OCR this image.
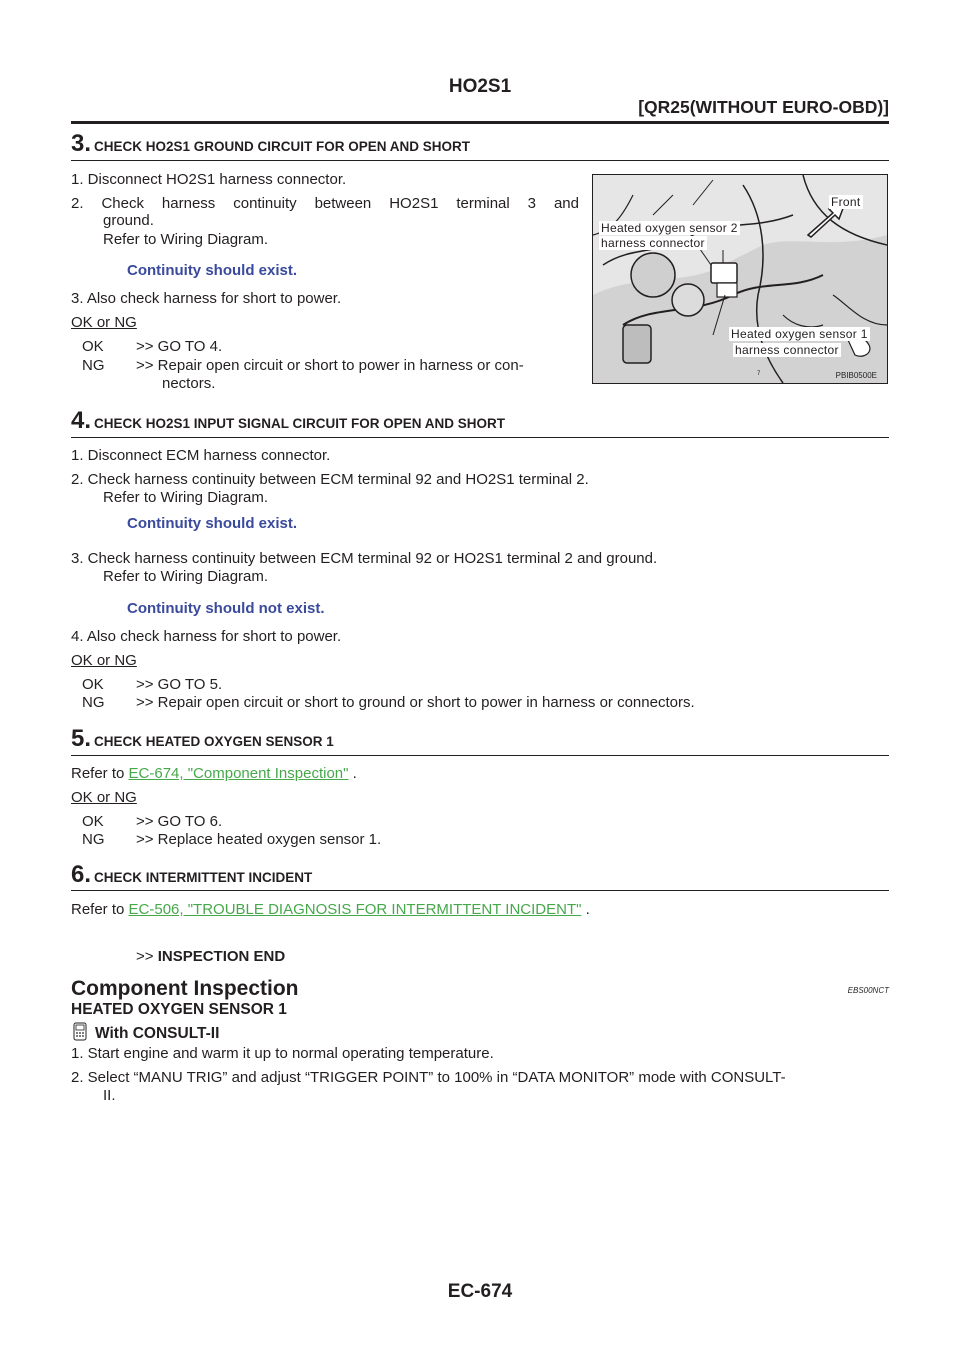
HO2S1
[QR25(WITHOUT EURO-OBD)]
3. CHECK HO2S1 GROUND CIRCUIT FOR OPEN AND SHORT
1. Disconnect HO2S1 harness connector.
2. Check harness continuity between HO2S1 terminal 3 and
ground.
Refer to Wiring Diagram.
Continuity should exist.
3. Also check harness for short to power.
OK or NG
OK >> GO TO 4.
NG >> Repair open circuit or short to power in harness or con-
nectors.
7
Heated oxygen sensor 2
harness connector
Front
Heated oxygen sensor 1
harness connector
PBIB0500E
4. CHECK HO2S1 INPUT SIGNAL CIRCUIT FOR OPEN AND SHORT
1. Disconnect ECM harness connector.
2. Check harness continuity between ECM terminal 92 and HO2S1 terminal 2.
Refer to Wiring Diagram.
Continuity should exist.
3. Check harness continuity between ECM terminal 92 or HO2S1 terminal 2 and ground.
Refer to Wiring Diagram.
Continuity should not exist.
4. Also check harness for short to power.
OK or NG
OK >> GO TO 5.
NG >> Repair open circuit or short to ground or short to power in harness or connectors.
5. CHECK HEATED OXYGEN SENSOR 1
Refer to EC-674, "Component Inspection" .
OK or NG
OK >> GO TO 6.
NG >> Replace heated oxygen sensor 1.
6. CHECK INTERMITTENT INCIDENT
Refer to EC-506, "TROUBLE DIAGNOSIS FOR INTERMITTENT INCIDENT" .
>> INSPECTION END
Component Inspection	EBS00NCT
HEATED OXYGEN SENSOR 1
With CONSULT-II
1. Start engine and warm it up to normal operating temperature.
2. Select “MANU TRIG” and adjust “TRIGGER POINT” to 100% in “DATA MONITOR” mode with CONSULT-
II.
EC-674
